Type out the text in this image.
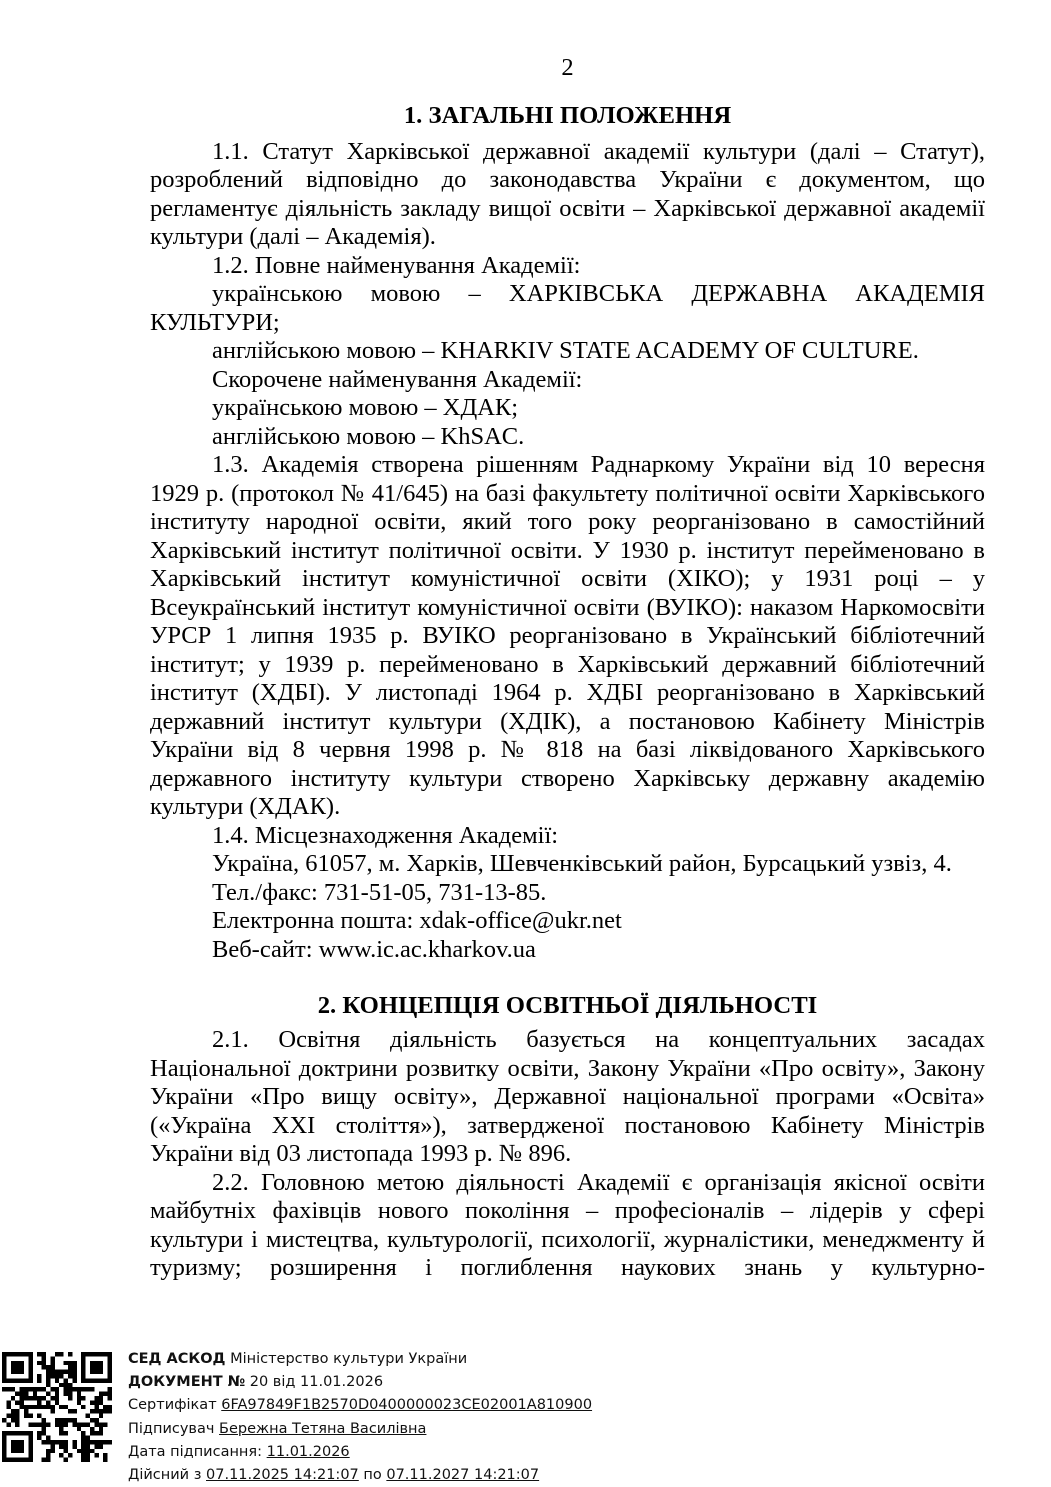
2
1. ЗАГАЛЬНІ ПОЛОЖЕННЯ

1.1. Статут Харківської державної академії культури (далі – Статут), розроблений відповідно до законодавства України є документом, що регламентує діяльність закладу вищої освіти – Харківської державної академії культури (далі – Академія).

1.2. Повне найменування Академії:

українською мовою – ХАРКІВСЬКА ДЕРЖАВНА АКАДЕМІЯ КУЛЬТУРИ;

англійською мовою – KHARKIV STATE ACADEMY OF CULTURE.

Скорочене найменування Академії:

українською мовою – ХДАК;

англійською мовою – KhSAC.

1.3. Академія створена рішенням Раднаркому України від 10 вересня 1929 р. (протокол № 41/645) на базі факультету політичної освіти Харківського інституту народної освіти, який того року реорганізовано в самостійний Харківський інститут політичної освіти. У 1930 р. інститут перейменовано в Харківський інститут комуністичної освіти (ХІКО); у 1931 році – у Всеукраїнський інститут комуністичної освіти (ВУІКО): наказом Наркомосвіти УРСР 1 липня 1935 р. ВУІКО реорганізовано в Український бібліотечний інститут; у 1939 р. перейменовано в Харківський державний бібліотечний інститут (ХДБІ). У листопаді 1964 р. ХДБІ реорганізовано в Харківський державний інститут культури (ХДІК), а постановою Кабінету Міністрів України від 8 червня 1998 р. № 818 на базі ліквідованого Харківського державного інституту культури створено Харківську державну академію культури (ХДАК).

1.4. Місцезнаходження Академії:

Україна, 61057, м. Харків, Шевченківський район, Бурсацький узвіз, 4.

Тел./факс: 731-51-05, 731-13-85.

Електронна пошта: xdak-office@ukr.net

Веб-сайт: www.ic.ac.kharkov.ua

2. КОНЦЕПЦІЯ ОСВІТНЬОЇ ДІЯЛЬНОСТІ

2.1. Освітня діяльність базується на концептуальних засадах Національної доктрини розвитку освіти, Закону України «Про освіту», Закону України «Про вищу освіту», Державної національної програми «Освіта» («Україна ХХІ століття»), затвердженої постановою Кабінету Міністрів України від 03 листопада 1993 р. № 896.

2.2. Головною метою діяльності Академії є організація якісної освіти майбутніх фахівців нового покоління – професіоналів – лідерів у сфері культури і мистецтва, культурології, психології, журналістики, менеджменту й туризму; розширення і поглиблення наукових знань у культурно-

СЕД АСКОД Міністерство культури України
ДОКУМЕНТ № 20 від 11.01.2026
Сертифікат 6FA97849F1B2570D0400000023CE02001A810900
Підписувач Бережна Тетяна Василівна
Дата підписання: 11.01.2026
Дійсний з 07.11.2025 14:21:07 по 07.11.2027 14:21:07
